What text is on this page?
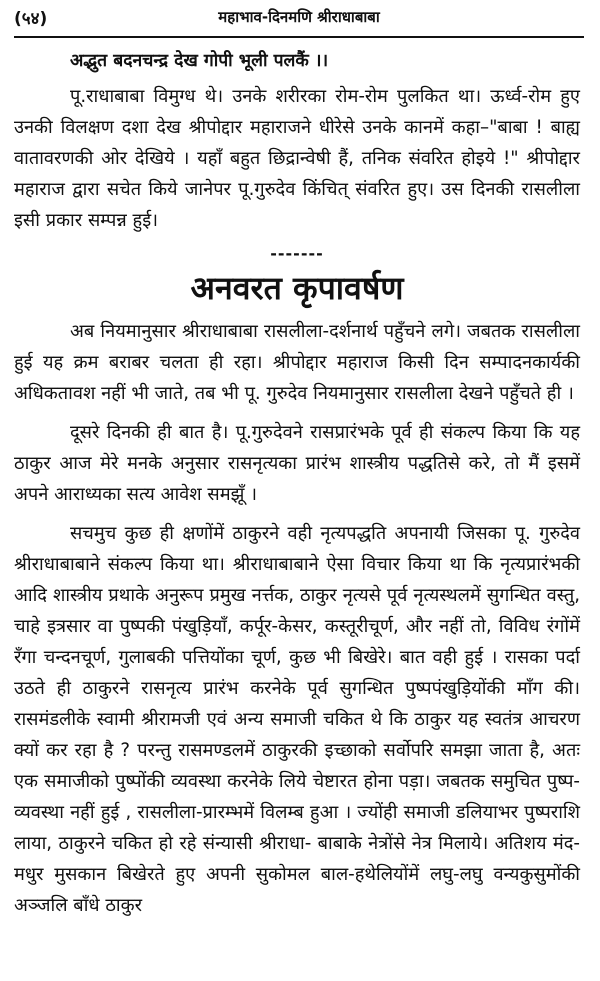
(५४)	महाभाव-दिनमणि श्रीराधाबाबा
अद्भुत बदनचन्द्र देख गोपी भूली पलकैं ।।

पू.राधाबाबा विमुग्ध थे। उनके शरीरका रोम-रोम पुलकित था। ऊर्ध्व-रोम हुए उनकी विलक्षण दशा देख श्रीपोद्दार महाराजने धीरेसे उनके कानमें कहा–"बाबा ! बाह्य वातावरणकी ओर देखिये । यहाँ बहुत छिद्रान्वेषी हैं, तनिक संवरित होइये !" श्रीपोद्दार महाराज द्वारा सचेत किये जानेपर पू.गुरुदेव किंचित् संवरित हुए। उस दिनकी रासलीला इसी प्रकार सम्पन्न हुई।

-------
अनवरत कृपावर्षण

अब नियमानुसार श्रीराधाबाबा रासलीला-दर्शनार्थ पहुँचने लगे। जबतक रासलीला हुई यह क्रम बराबर चलता ही रहा। श्रीपोद्दार महाराज किसी दिन सम्पादनकार्यकी अधिकतावश नहीं भी जाते, तब भी पू. गुरुदेव नियमानुसार रासलीला देखने पहुँचते ही ।

दूसरे दिनकी ही बात है। पू.गुरुदेवने रासप्रारंभके पूर्व ही संकल्प किया कि यह ठाकुर आज मेरे मनके अनुसार रासनृत्यका प्रारंभ शास्त्रीय पद्धतिसे करे, तो मैं इसमें अपने आराध्यका सत्य आवेश समझूँ ।

सचमुच कुछ ही क्षणोंमें ठाकुरने वही नृत्यपद्धति अपनायी जिसका पू. गुरुदेव श्रीराधाबाबाने संकल्प किया था। श्रीराधाबाबाने ऐसा विचार किया था कि नृत्यप्रारंभकी आदि शास्त्रीय प्रथाके अनुरूप प्रमुख नर्त्तक, ठाकुर नृत्यसे पूर्व नृत्यस्थलमें सुगन्धित वस्तु, चाहे इत्रसार वा पुष्पकी पंखुड़ियाँ, कर्पूर-केसर, कस्तूरीचूर्ण, और नहीं तो, विविध रंगोंमें रँगा चन्दनचूर्ण, गुलाबकी पत्तियोंका चूर्ण, कुछ भी बिखेरे। बात वही हुई । रासका पर्दा उठते ही ठाकुरने रासनृत्य प्रारंभ करनेके पूर्व सुगन्धित पुष्पपंखुड़ियोंकी माँग की। रासमंडलीके स्वामी श्रीरामजी एवं अन्य समाजी चकित थे कि ठाकुर यह स्वतंत्र आचरण क्यों कर रहा है ? परन्तु रासमण्डलमें ठाकुरकी इच्छाको सर्वोपरि समझा जाता है, अतः एक समाजीको पुष्पोंकी व्यवस्था करनेके लिये चेष्टारत होना पड़ा। जबतक समुचित पुष्प-व्यवस्था नहीं हुई , रासलीला-प्रारम्भमें विलम्ब हुआ । ज्योंही समाजी डलियाभर पुष्पराशि लाया, ठाकुरने चकित हो रहे संन्यासी श्रीराधा- बाबाके नेत्रोंसे नेत्र मिलाये। अतिशय मंद-मधुर मुसकान बिखेरते हुए अपनी सुकोमल बाल-हथेलियोंमें लघु-लघु वन्यकुसुमोंकी अञ्जलि बाँधे ठाकुर
